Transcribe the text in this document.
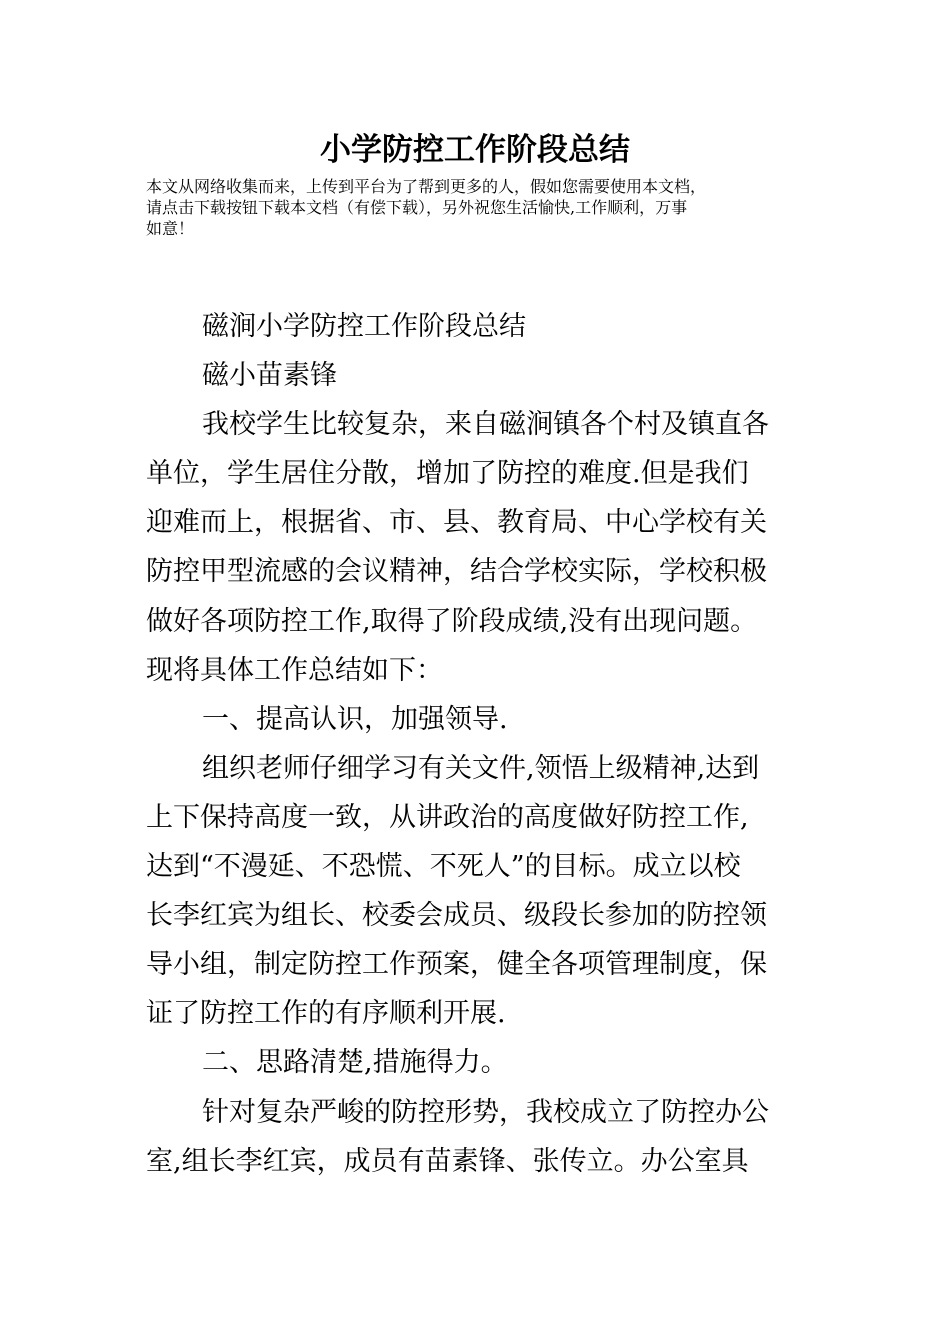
小学防控工作阶段总结
本文从网络收集而来，上传到平台为了帮到更多的人，假如您需要使用本文档，
请点击下载按钮下载本文档（有偿下载），另外祝您生活愉快,工作顺利，万事
如意！
磁涧小学防控工作阶段总结
磁小苗素锋
我校学生比较复杂，来自磁涧镇各个村及镇直各
单位，学生居住分散，增加了防控的难度.但是我们
迎难而上，根据省、市、县、教育局、中心学校有关
防控甲型流感的会议精神，结合学校实际，学校积极
做好各项防控工作,取得了阶段成绩,没有出现问题。
现将具体工作总结如下：
一、提高认识，加强领导.
组织老师仔细学习有关文件,领悟上级精神,达到
上下保持高度一致，从讲政治的高度做好防控工作,
达到“不漫延、不恐慌、不死人”的目标。成立以校
长李红宾为组长、校委会成员、级段长参加的防控领
导小组，制定防控工作预案，健全各项管理制度，保
证了防控工作的有序顺利开展.
二、思路清楚,措施得力。
针对复杂严峻的防控形势，我校成立了防控办公
室,组长李红宾，成员有苗素锋、张传立。办公室具
